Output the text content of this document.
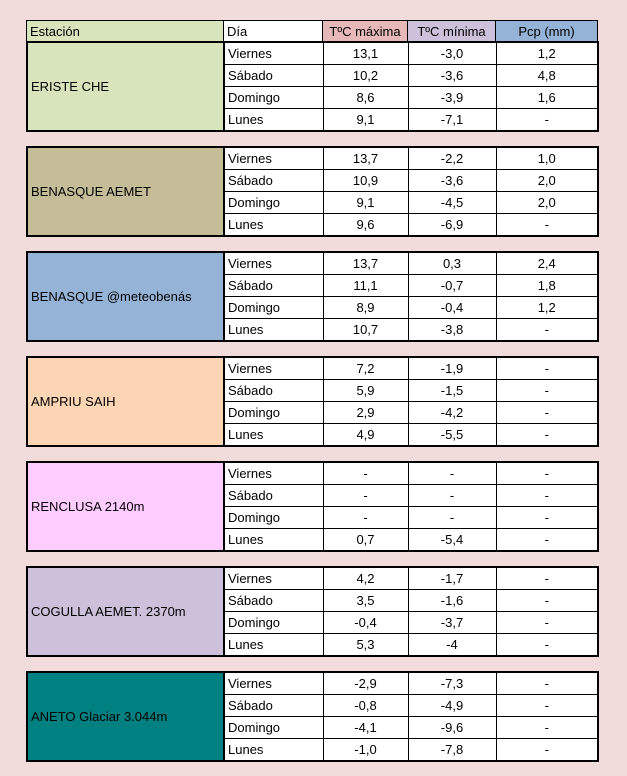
Estación	Día	TºC máxima	TºC mínima	Pcp (mm)
ERISTE CHE	Viernes	13,1	-3,0	1,2
	Sábado	10,2	-3,6	4,8
	Domingo	8,6	-3,9	1,6
	Lunes	9,1	-7,1	-
BENASQUE AEMET	Viernes	13,7	-2,2	1,0
	Sábado	10,9	-3,6	2,0
	Domingo	9,1	-4,5	2,0
	Lunes	9,6	-6,9	-
BENASQUE @meteobenás	Viernes	13,7	0,3	2,4
	Sábado	11,1	-0,7	1,8
	Domingo	8,9	-0,4	1,2
	Lunes	10,7	-3,8	-
AMPRIU SAIH	Viernes	7,2	-1,9	-
	Sábado	5,9	-1,5	-
	Domingo	2,9	-4,2	-
	Lunes	4,9	-5,5	-
RENCLUSA 2140m	Viernes	-	-	-
	Sábado	-	-	-
	Domingo	-	-	-
	Lunes	0,7	-5,4	-
COGULLA AEMET. 2370m	Viernes	4,2	-1,7	-
	Sábado	3,5	-1,6	-
	Domingo	-0,4	-3,7	-
	Lunes	5,3	-4	-
ANETO Glaciar 3.044m	Viernes	-2,9	-7,3	-
	Sábado	-0,8	-4,9	-
	Domingo	-4,1	-9,6	-
	Lunes	-1,0	-7,8	-
